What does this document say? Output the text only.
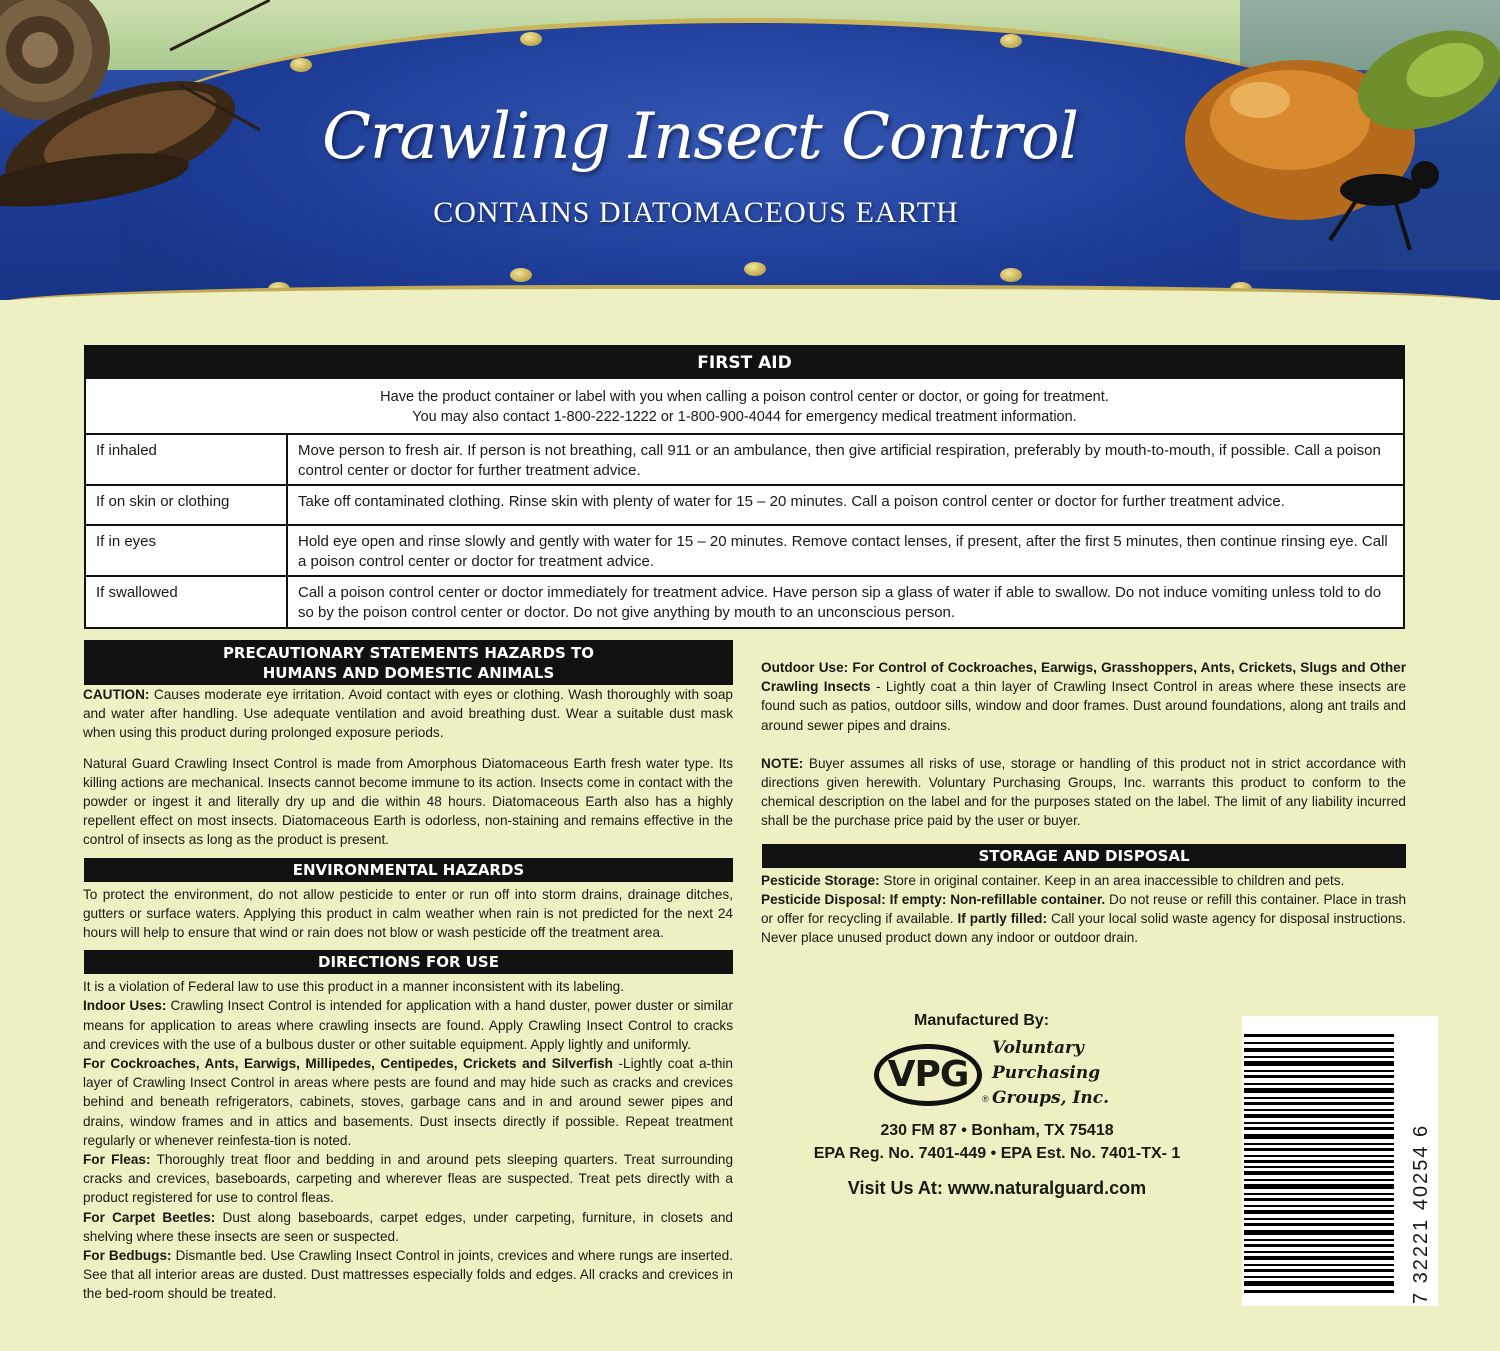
Crawling Insect Control
CONTAINS DIATOMACEOUS EARTH
FIRST AID
Have the product container or label with you when calling a poison control center or doctor, or going for treatment.
You may also contact 1-800-222-1222 or 1-800-900-4044 for emergency medical treatment information.
If inhaled	Move person to fresh air. If person is not breathing, call 911 or an ambulance, then give artificial respiration, preferably by mouth-to-mouth, if possible. Call a poison control center or doctor for further treatment advice.
If on skin or clothing	Take off contaminated clothing. Rinse skin with plenty of water for 15 – 20 minutes. Call a poison control center or doctor for further treatment advice.
If in eyes	Hold eye open and rinse slowly and gently with water for 15 – 20 minutes. Remove contact lenses, if present, after the first 5 minutes, then continue rinsing eye. Call a poison control center or doctor for treatment advice.
If swallowed	Call a poison control center or doctor immediately for treatment advice. Have person sip a glass of water if able to swallow. Do not induce vomiting unless told to do so by the poison control center or doctor. Do not give anything by mouth to an unconscious person.
PRECAUTIONARY STATEMENTS HAZARDS TO
HUMANS AND DOMESTIC ANIMALS
CAUTION: Causes moderate eye irritation. Avoid contact with eyes or clothing. Wash thoroughly with soap and water after handling. Use adequate ventilation and avoid breathing dust. Wear a suitable dust mask when using this product during prolonged exposure periods.
Natural Guard Crawling Insect Control is made from Amorphous Diatomaceous Earth fresh water type. Its killing actions are mechanical. Insects cannot become immune to its action. Insects come in contact with the powder or ingest it and literally dry up and die within 48 hours. Diatomaceous Earth also has a highly repellent effect on most insects. Diatomaceous Earth is odorless, non-staining and remains effective in the control of insects as long as the product is present.
ENVIRONMENTAL HAZARDS
To protect the environment, do not allow pesticide to enter or run off into storm drains, drainage ditches, gutters or surface waters. Applying this product in calm weather when rain is not predicted for the next 24 hours will help to ensure that wind or rain does not blow or wash pesticide off the treatment area.
DIRECTIONS FOR USE
It is a violation of Federal law to use this product in a manner inconsistent with its labeling.
Indoor Uses: Crawling Insect Control is intended for application with a hand duster, power duster or similar means for application to areas where crawling insects are found. Apply Crawling Insect Control to cracks and crevices with the use of a bulbous duster or other suitable equipment. Apply lightly and uniformly.
For Cockroaches, Ants, Earwigs, Millipedes, Centipedes, Crickets and Silverfish -Lightly coat a-thin layer of Crawling Insect Control in areas where pests are found and may hide such as cracks and crevices behind and beneath refrigerators, cabinets, stoves, garbage cans and in and around sewer pipes and drains, window frames and in attics and basements. Dust insects directly if possible. Repeat treatment regularly or whenever reinfesta-tion is noted.
For Fleas: Thoroughly treat floor and bedding in and around pets sleeping quarters. Treat surrounding cracks and crevices, baseboards, carpeting and wherever fleas are suspected. Treat pets directly with a product registered for use to control fleas.
For Carpet Beetles: Dust along baseboards, carpet edges, under carpeting, furniture, in closets and shelving where these insects are seen or suspected.
For Bedbugs: Dismantle bed. Use Crawling Insect Control in joints, crevices and where rungs are inserted. See that all interior areas are dusted. Dust mattresses especially folds and edges. All cracks and crevices in the bed-room should be treated.
Outdoor Use: For Control of Cockroaches, Earwigs, Grasshoppers, Ants, Crickets, Slugs and Other Crawling Insects - Lightly coat a thin layer of Crawling Insect Control in areas where these insects are found such as patios, outdoor sills, window and door frames. Dust around foundations, along ant trails and around sewer pipes and drains.
NOTE: Buyer assumes all risks of use, storage or handling of this product not in strict accordance with directions given herewith. Voluntary Purchasing Groups, Inc. warrants this product to conform to the chemical description on the label and for the purposes stated on the label. The limit of any liability incurred shall be the purchase price paid by the user or buyer.
STORAGE AND DISPOSAL
Pesticide Storage: Store in original container. Keep in an area inaccessible to children and pets.
Pesticide Disposal: If empty: Non-refillable container. Do not reuse or refill this container. Place in trash or offer for recycling if available. If partly filled: Call your local solid waste agency for disposal instructions. Never place unused product down any indoor or outdoor drain.
Manufactured By:
VPG
®
Voluntary
Purchasing
Groups, Inc.
230 FM 87 • Bonham, TX 75418
EPA Reg. No. 7401-449 • EPA Est. No. 7401-TX- 1
Visit Us At: www.naturalguard.com	7 32221 40254 6
